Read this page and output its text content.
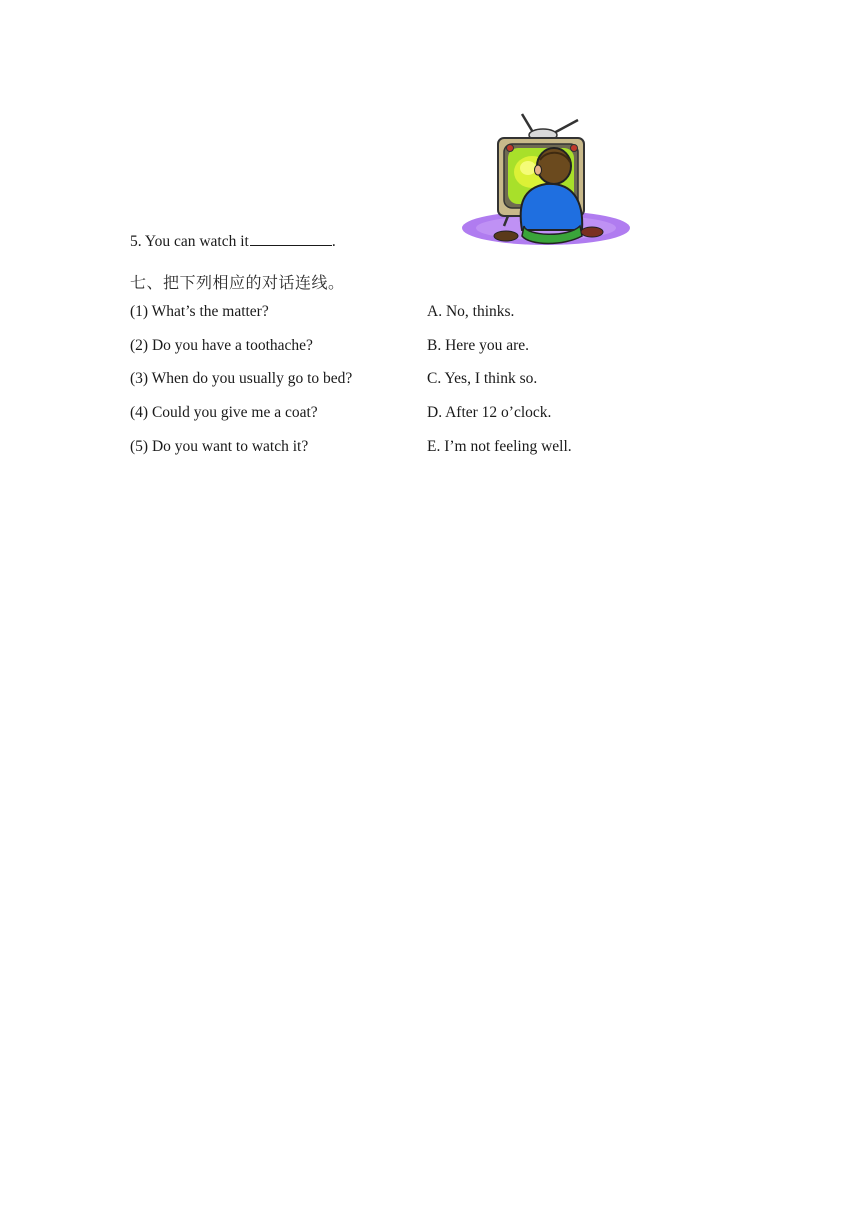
5. You can watch it	.
七、把下列相应的对话连线。
(1) What’s the matter?	A. No, thinks.
(2) Do you have a toothache?	B. Here you are.
(3) When do you usually go to bed?	C. Yes, I think so.
(4) Could you give me a coat?	D. After 12 o’clock.
(5) Do you want to watch it?	E. I’m not feeling well.
